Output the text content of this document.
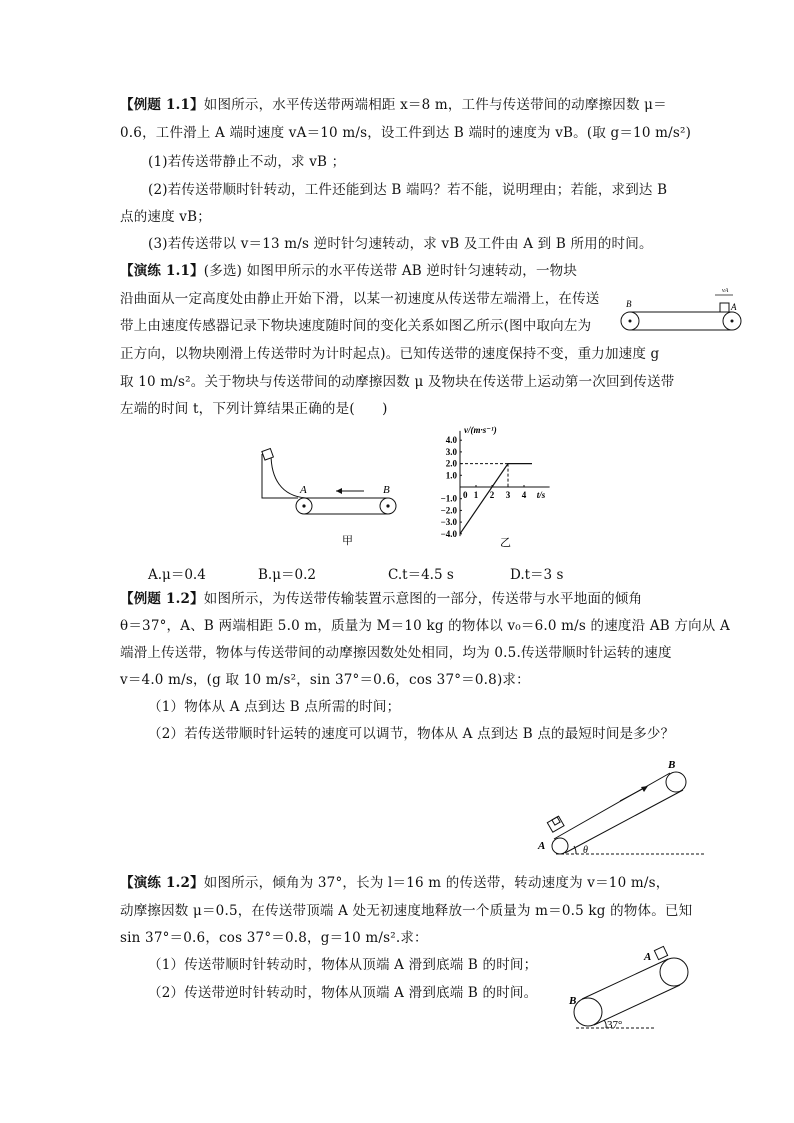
【例题 1.1】如图所示，水平传送带两端相距 x＝8 m，工件与传送带间的动摩擦因数 μ＝
0.6，工件滑上 A 端时速度 vA＝10 m/s，设工件到达 B 端时的速度为 vB。(取 g＝10 m/s²)
(1)若传送带静止不动，求 vB ；
(2)若传送带顺时针转动，工件还能到达 B 端吗？若不能，说明理由；若能，求到达 B
点的速度 vB；
(3)若传送带以 v＝13 m/s 逆时针匀速转动，求 vB 及工件由 A 到 B 所用的时间。
【演练 1.1】(多选) 如图甲所示的水平传送带 AB 逆时针匀速转动，一物块
沿曲面从一定高度处由静止开始下滑，以某一初速度从传送带左端滑上，在传送
带上由速度传感器记录下物块速度随时间的变化关系如图乙所示(图中取向左为
正方向，以物块刚滑上传送带时为计时起点)。已知传送带的速度保持不变，重力加速度 g
取 10 m/s²。关于物块与传送带间的动摩擦因数 μ 及物块在传送带上运动第一次回到传送带
左端的时间 t，下列计算结果正确的是(　　)
B	A
vA
A	B
甲
v/(m·s⁻¹)
t/s
0
4.0
3.0
2.0
1.0
−1.0
−2.0
−3.0
−4.0
1 2 3 4
乙
A.μ＝0.4	B.μ＝0.2	C.t＝4.5 s	D.t＝3 s
【例题 1.2】如图所示，为传送带传输装置示意图的一部分，传送带与水平地面的倾角
θ＝37°，A、B 两端相距 5.0 m，质量为 M＝10 kg 的物体以 v₀＝6.0 m/s 的速度沿 AB 方向从 A
端滑上传送带，物体与传送带间的动摩擦因数处处相同，均为 0.5.传送带顺时针运转的速度
v＝4.0 m/s，(g 取 10 m/s²，sin 37°＝0.6，cos 37°＝0.8)求：
（1）物体从 A 点到达 B 点所需的时间；
（2）若传送带顺时针运转的速度可以调节，物体从 A 点到达 B 点的最短时间是多少？
A
B
θ
【演练 1.2】如图所示，倾角为 37°，长为 l＝16 m 的传送带，转动速度为 v＝10 m/s，
动摩擦因数 μ＝0.5，在传送带顶端 A 处无初速度地释放一个质量为 m＝0.5 kg 的物体。已知
sin 37°＝0.6，cos 37°＝0.8，g＝10 m/s².求：
（1）传送带顺时针转动时，物体从顶端 A 滑到底端 B 的时间；
（2）传送带逆时针转动时，物体从顶端 A 滑到底端 B 的时间。
A
B
37°
